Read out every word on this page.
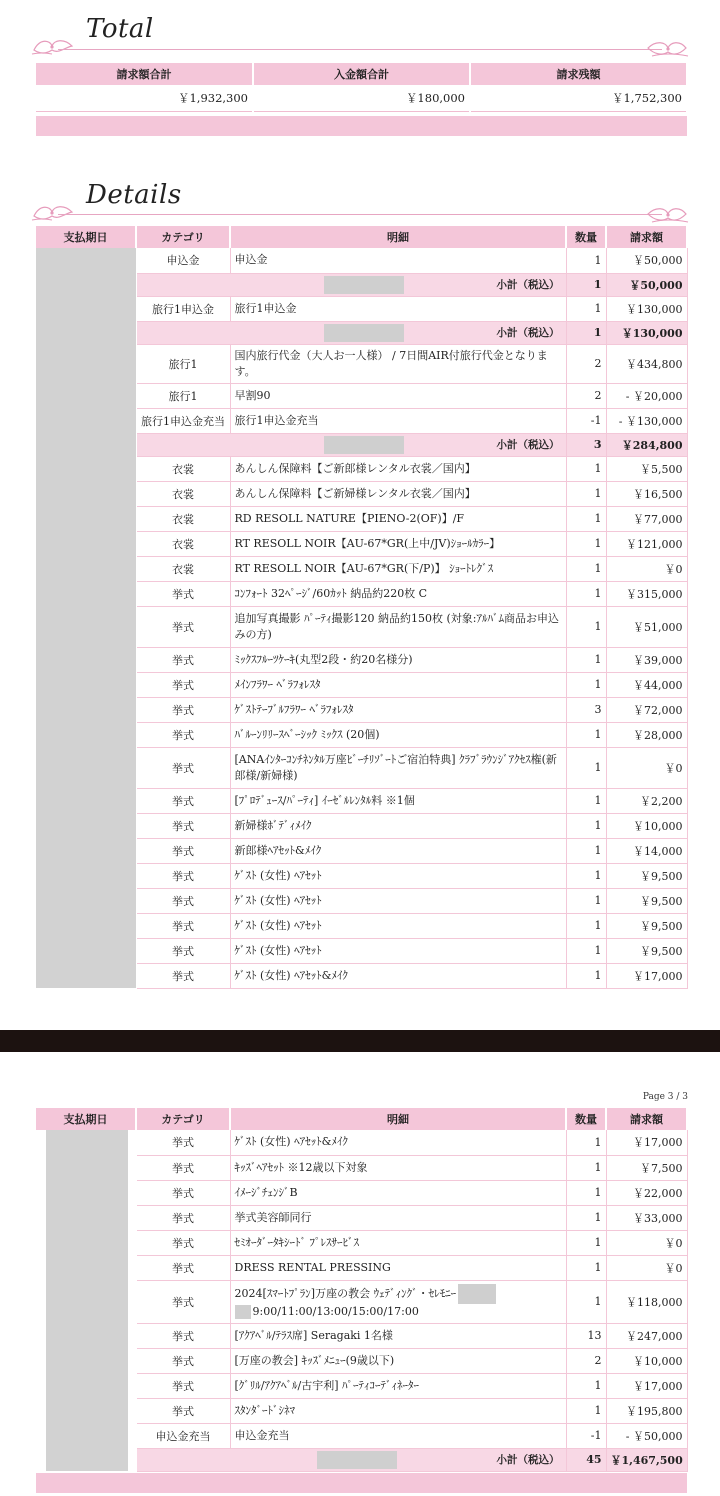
Total
請求額合計	入金額合計	請求残額
￥1,932,300	￥180,000	￥1,752,300
Details
支払期日	カテゴリ	明細	数量	請求額
	申込金	申込金	1	￥50,000

小計（税込）		1	￥50,000
	旅行1申込金	旅行1申込金	1	￥130,000

小計（税込）		1	￥130,000
	旅行1	国内旅行代金（大人お一人様） / 7日間AIR付旅行代金となります。	2	￥434,800
	旅行1	早割90	2	- ￥20,000
	旅行1申込金充当	旅行1申込金充当	-1	- ￥130,000

小計（税込）		3	￥284,800
	衣裳	あんしん保障料【ご新郎様レンタル衣裳／国内】	1	￥5,500
	衣裳	あんしん保障料【ご新婦様レンタル衣裳／国内】	1	￥16,500
	衣裳	RD RESOLL NATURE【PIENO-2(OF)】/F	1	￥77,000
	衣裳	RT RESOLL NOIR【AU-67*GR(上中/JV)ｼｮｰﾙｶﾗｰ】	1	￥121,000
	衣裳	RT RESOLL NOIR【AU-67*GR(下/P)】 ｼｮｰﾄﾚｸﾞｽ	1	￥0
	挙式	ｺﾝﾌｫｰﾄ 32ﾍﾟｰｼﾞ/60ｶｯﾄ 納品約220枚 C	1	￥315,000
	挙式	追加写真撮影 ﾊﾟｰﾃｨ撮影120 納品約150枚 (対象:ｱﾙﾊﾞﾑ商品お申込みの方)	1	￥51,000
	挙式	ﾐｯｸｽﾌﾙｰﾂｹｰｷ(丸型2段・約20名様分)	1	￥39,000
	挙式	ﾒｲﾝﾌﾗﾜｰ ﾍﾞﾗﾌｫﾚｽﾀ	1	￥44,000
	挙式	ｹﾞｽﾄﾃｰﾌﾞﾙﾌﾗﾜｰ ﾍﾞﾗﾌｫﾚｽﾀ	3	￥72,000
	挙式	ﾊﾞﾙｰﾝﾘﾘｰｽﾍﾞｰｼｯｸ ﾐｯｸｽ (20個)	1	￥28,000
	挙式	[ANAｲﾝﾀｰｺﾝﾁﾈﾝﾀﾙ万座ﾋﾞｰﾁﾘｿﾞｰﾄご宿泊特典] ｸﾗﾌﾞﾗｳﾝｼﾞｱｸｾｽ権(新郎様/新婦様)	1	￥0
	挙式	[ﾌﾟﾛﾃﾞｭｰｽ/ﾊﾟｰﾃｨ] ｲｰｾﾞﾙﾚﾝﾀﾙ料 ※1個	1	￥2,200
	挙式	新婦様ﾎﾞﾃﾞｨﾒｲｸ	1	￥10,000
	挙式	新郎様ﾍｱｾｯﾄ&ﾒｲｸ	1	￥14,000
	挙式	ｹﾞｽﾄ (女性) ﾍｱｾｯﾄ	1	￥9,500
	挙式	ｹﾞｽﾄ (女性) ﾍｱｾｯﾄ	1	￥9,500
	挙式	ｹﾞｽﾄ (女性) ﾍｱｾｯﾄ	1	￥9,500
	挙式	ｹﾞｽﾄ (女性) ﾍｱｾｯﾄ	1	￥9,500
	挙式	ｹﾞｽﾄ (女性) ﾍｱｾｯﾄ&ﾒｲｸ	1	￥17,000
Page 3 / 3
支払期日	カテゴリ	明細	数量	請求額
	挙式	ｹﾞｽﾄ (女性) ﾍｱｾｯﾄ&ﾒｲｸ	1	￥17,000
	挙式	ｷｯｽﾞﾍｱｾｯﾄ ※12歳以下対象	1	￥7,500
	挙式	ｲﾒｰｼﾞﾁｪﾝｼﾞB	1	￥22,000
	挙式	挙式美容師同行	1	￥33,000
	挙式	ｾﾐｵｰﾀﾞｰﾀｷｼｰﾄﾞ ﾌﾟﾚｽｻｰﾋﾞｽ	1	￥0
	挙式	DRESS RENTAL PRESSING	1	￥0
	挙式	2024[ｽﾏｰﾄﾌﾟﾗﾝ]万座の教会 ｳｪﾃﾞｨﾝｸﾞ・ｾﾚﾓﾆｰ
9:00/11:00/13:00/15:00/17:00	1	￥118,000
	挙式	[ｱｸｱﾍﾞﾙ/ﾃﾗｽ席] Seragaki 1名様	13	￥247,000
	挙式	[万座の教会] ｷｯｽﾞﾒﾆｭｰ(9歳以下)	2	￥10,000
	挙式	[ｸﾞﾘﾙ/ｱｸｱﾍﾞﾙ/古宇利] ﾊﾟｰﾃｨｺｰﾃﾞｨﾈｰﾀｰ	1	￥17,000
	挙式	ｽﾀﾝﾀﾞｰﾄﾞｼﾈﾏ	1	￥195,800
	申込金充当	申込金充当	-1	- ￥50,000

小計（税込）		45	￥1,467,500
